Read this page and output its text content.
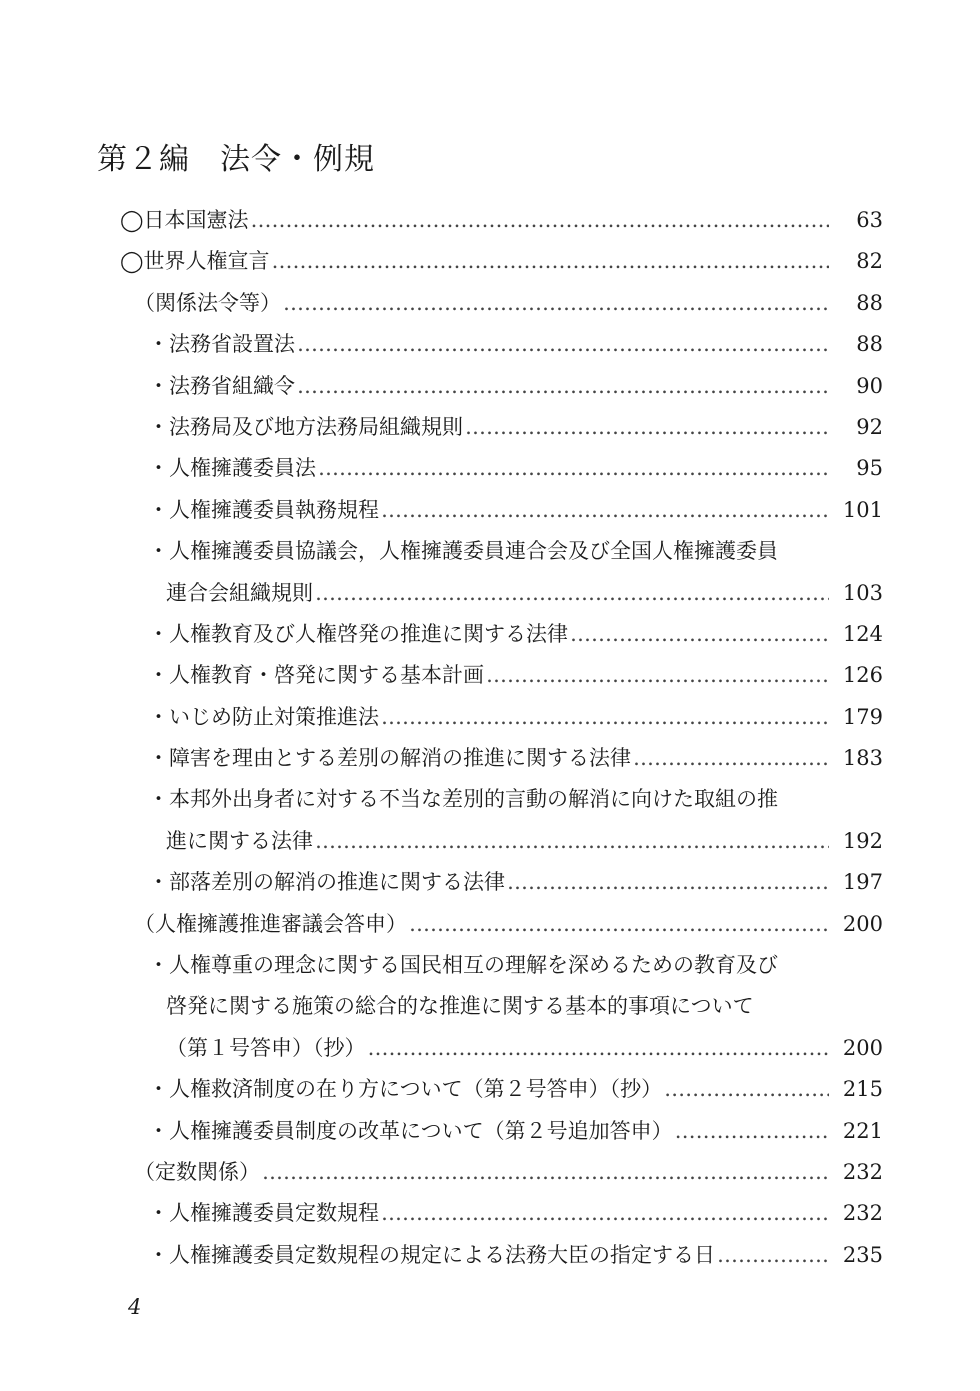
第２編 法令・例規
◯日本国憲法 …………………………………………………………………………………………………………………………………………………………………………………………	63
◯世界人権宣言 …………………………………………………………………………………………………………………………………………………………………………………………	82
（関係法令等） …………………………………………………………………………………………………………………………………………………………………………………………	88
・法務省設置法 …………………………………………………………………………………………………………………………………………………………………………………………	88
・法務省組織令 …………………………………………………………………………………………………………………………………………………………………………………………	90
・法務局及び地方法務局組織規則 …………………………………………………………………………………………………………………………………………………………………………………………	92
・人権擁護委員法 …………………………………………………………………………………………………………………………………………………………………………………………	95
・人権擁護委員執務規程 …………………………………………………………………………………………………………………………………………………………………………………………	101
・人権擁護委員協議会，人権擁護委員連合会及び全国人権擁護委員
連合会組織規則 …………………………………………………………………………………………………………………………………………………………………………………………	103
・人権教育及び人権啓発の推進に関する法律 …………………………………………………………………………………………………………………………………………………………………………………………	124
・人権教育・啓発に関する基本計画 …………………………………………………………………………………………………………………………………………………………………………………………	126
・いじめ防止対策推進法 …………………………………………………………………………………………………………………………………………………………………………………………	179
・障害を理由とする差別の解消の推進に関する法律 …………………………………………………………………………………………………………………………………………………………………………………………	183
・本邦外出身者に対する不当な差別的言動の解消に向けた取組の推
進に関する法律 …………………………………………………………………………………………………………………………………………………………………………………………	192
・部落差別の解消の推進に関する法律 …………………………………………………………………………………………………………………………………………………………………………………………	197
（人権擁護推進審議会答申） …………………………………………………………………………………………………………………………………………………………………………………………	200
・人権尊重の理念に関する国民相互の理解を深めるための教育及び
啓発に関する施策の総合的な推進に関する基本的事項について
（第１号答申）（抄） …………………………………………………………………………………………………………………………………………………………………………………………	200
・人権救済制度の在り方について（第２号答申）（抄） …………………………………………………………………………………………………………………………………………………………………………………………	215
・人権擁護委員制度の改革について（第２号追加答申） …………………………………………………………………………………………………………………………………………………………………………………………	221
（定数関係） …………………………………………………………………………………………………………………………………………………………………………………………	232
・人権擁護委員定数規程 …………………………………………………………………………………………………………………………………………………………………………………………	232
・人権擁護委員定数規程の規定による法務大臣の指定する日 …………………………………………………………………………………………………………………………………………………………………………………………	235
4
